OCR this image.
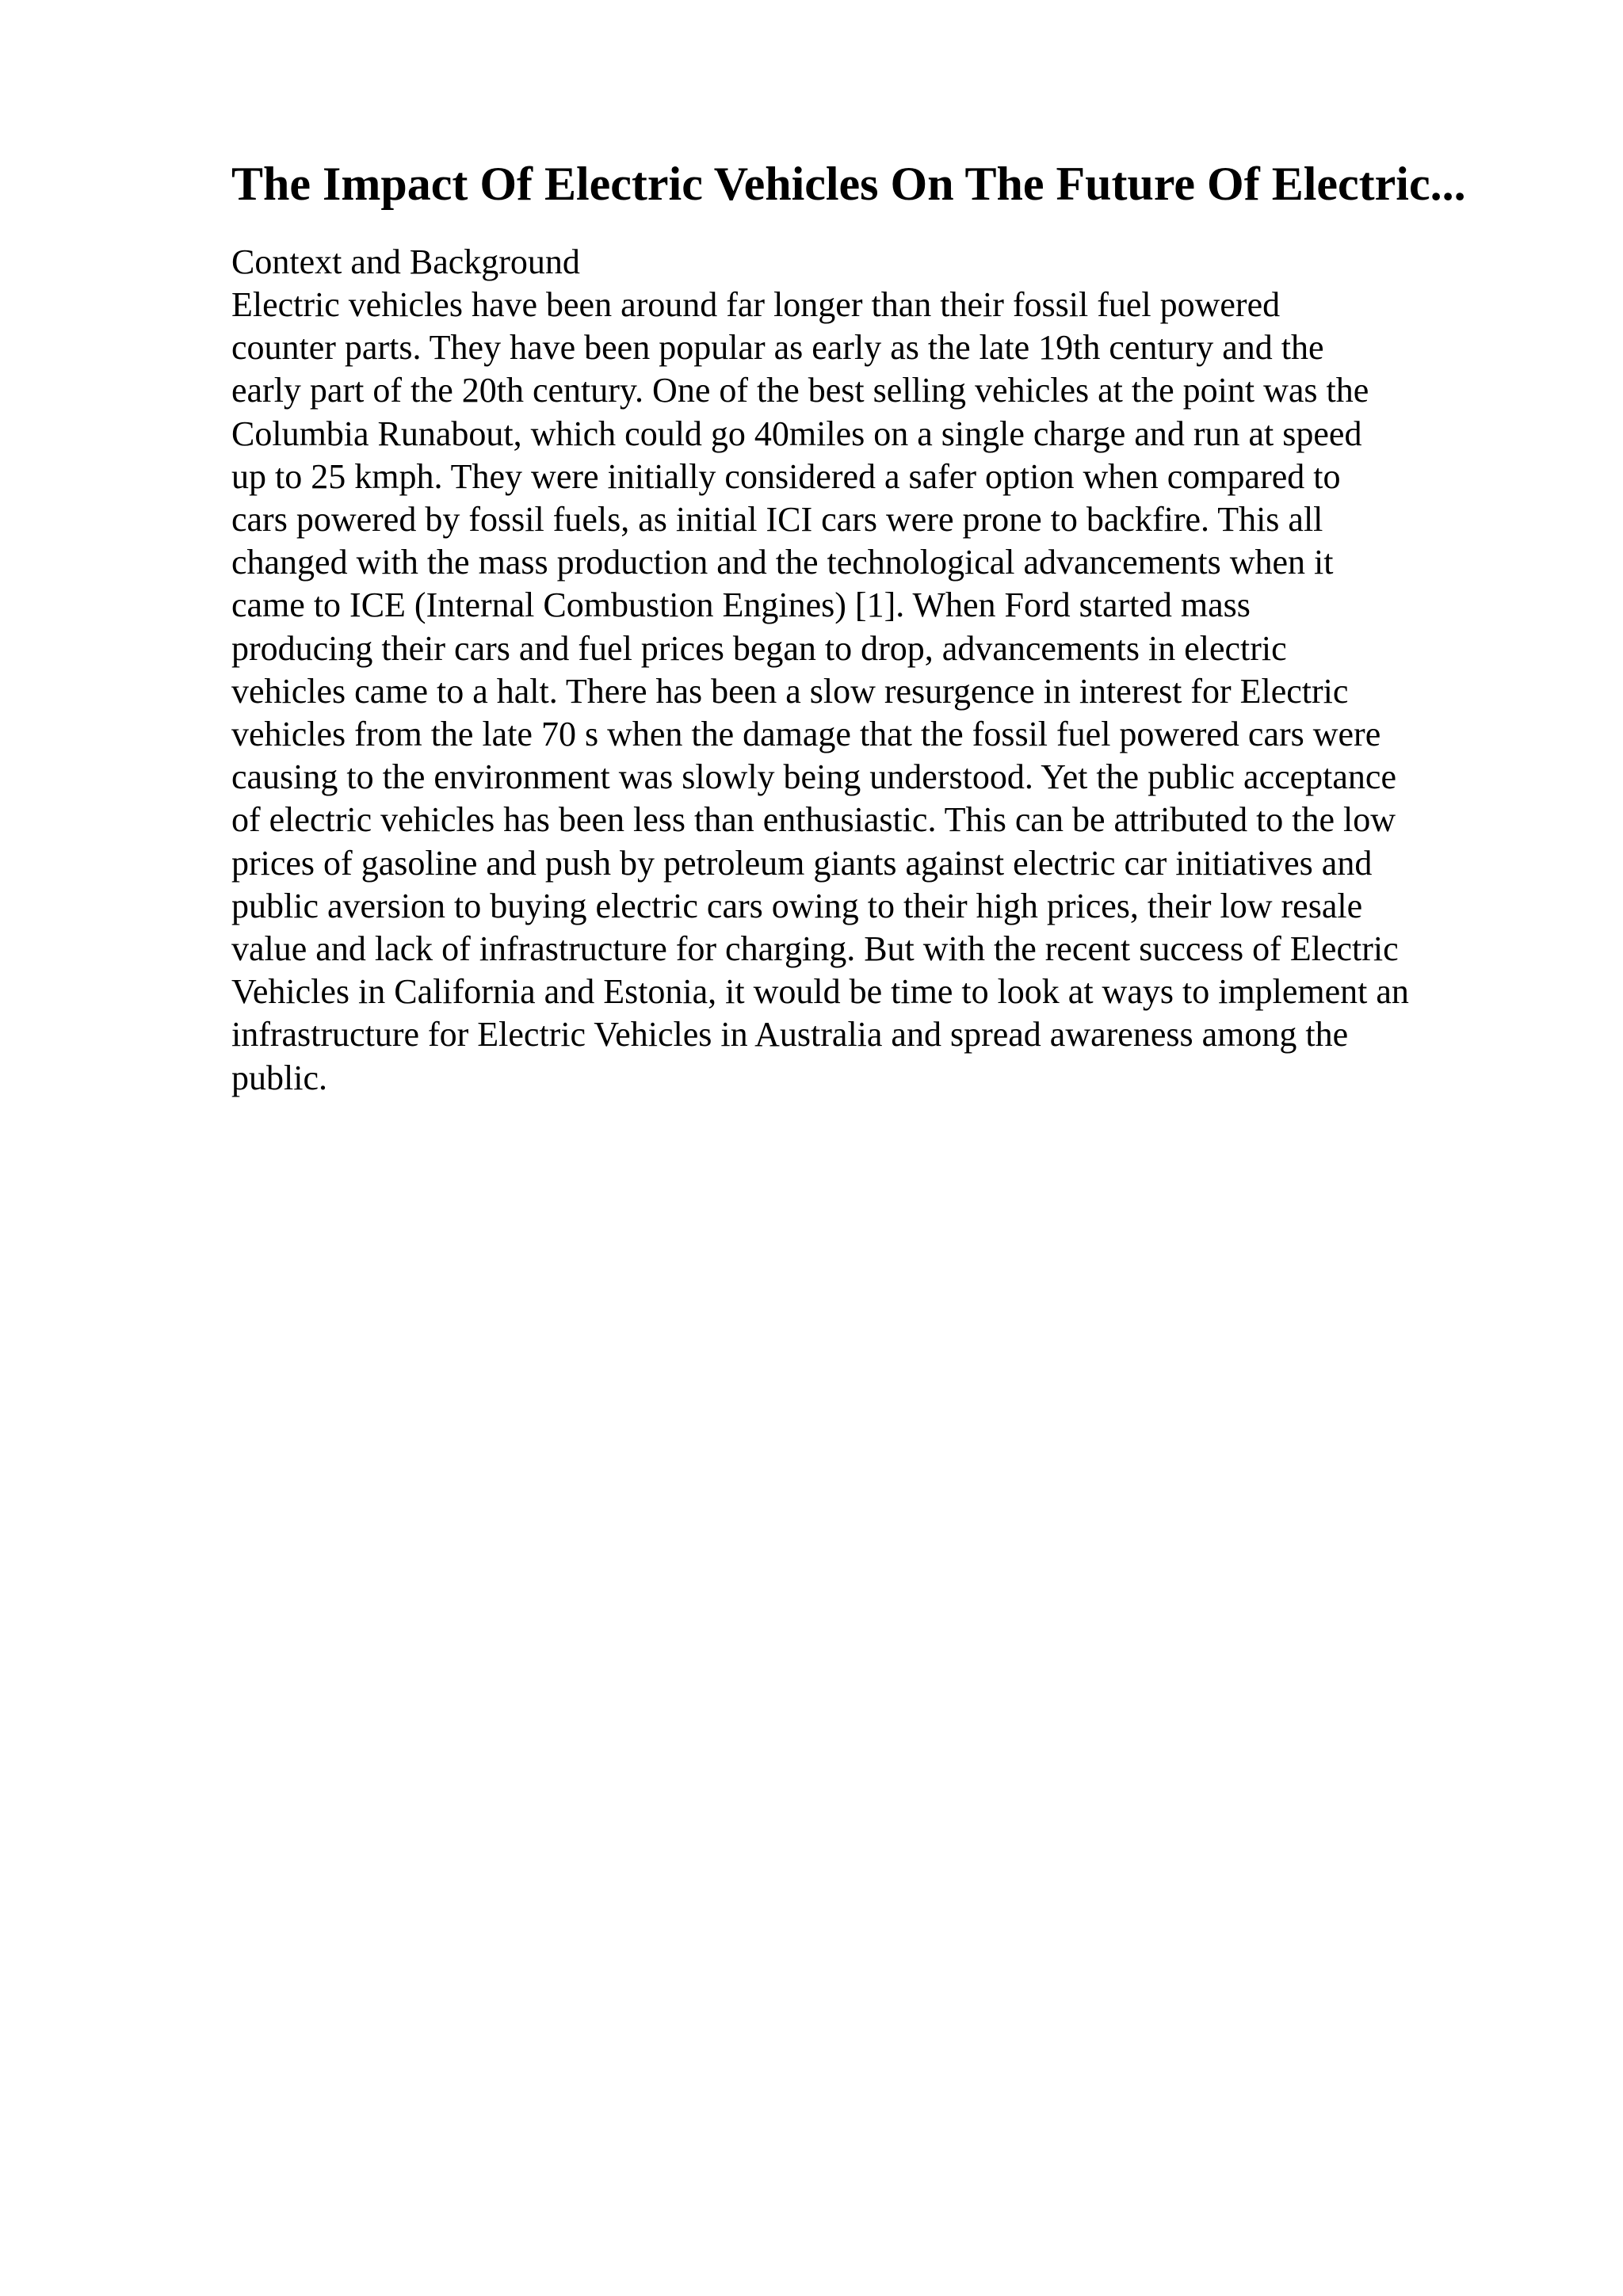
The Impact Of Electric Vehicles On The Future Of Electric...
Context and Background

Electric vehicles have been around far longer than their fossil fuel powered
counter parts. They have been popular as early as the late 19th century and the
early part of the 20th century. One of the best selling vehicles at the point was the
Columbia Runabout, which could go 40miles on a single charge and run at speed
up to 25 kmph. They were initially considered a safer option when compared to
cars powered by fossil fuels, as initial ICI cars were prone to backfire. This all
changed with the mass production and the technological advancements when it
came to ICE (Internal Combustion Engines) [1]. When Ford started mass
producing their cars and fuel prices began to drop, advancements in electric
vehicles came to a halt. There has been a slow resurgence in interest for Electric
vehicles from the late 70 s when the damage that the fossil fuel powered cars were
causing to the environment was slowly being understood. Yet the public acceptance
of electric vehicles has been less than enthusiastic. This can be attributed to the low
prices of gasoline and push by petroleum giants against electric car initiatives and
public aversion to buying electric cars owing to their high prices, their low resale
value and lack of infrastructure for charging. But with the recent success of Electric
Vehicles in California and Estonia, it would be time to look at ways to implement an
infrastructure for Electric Vehicles in Australia and spread awareness among the
public.
